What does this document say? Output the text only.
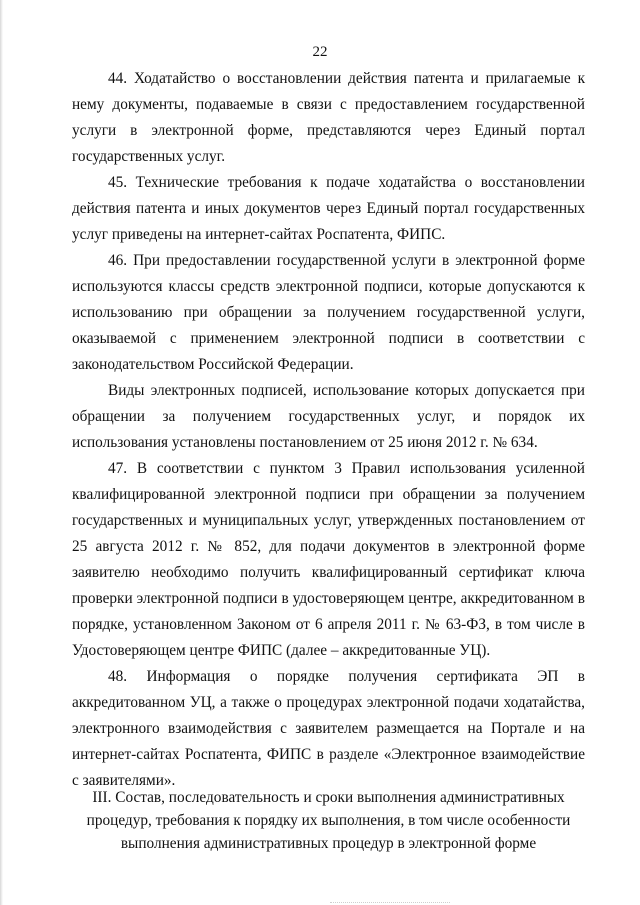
22

44. Ходатайство о восстановлении действия патента и прилагаемые к нему документы, подаваемые в связи с предоставлением государственной услуги в электронной форме, представляются через Единый портал государственных услуг.

45. Технические требования к подаче ходатайства о восстановлении действия патента и иных документов через Единый портал государственных услуг приведены на интернет-сайтах Роспатента, ФИПС.

46. При предоставлении государственной услуги в электронной форме используются классы средств электронной подписи, которые допускаются к использованию при обращении за получением государственной услуги, оказываемой с применением электронной подписи в соответствии с законодательством Российской Федерации.

Виды электронных подписей, использование которых допускается при обращении за получением государственных услуг, и порядок их использования установлены постановлением от 25 июня 2012 г. № 634.

47. В соответствии с пунктом 3 Правил использования усиленной квалифицированной электронной подписи при обращении за получением государственных и муниципальных услуг, утвержденных постановлением от 25 августа 2012 г. № 852, для подачи документов в электронной форме заявителю необходимо получить квалифицированный сертификат ключа проверки электронной подписи в удостоверяющем центре, аккредитованном в порядке, установленном Законом от 6 апреля 2011 г. № 63-ФЗ, в том числе в Удостоверяющем центре ФИПС (далее – аккредитованные УЦ).

48. Информация о порядке получения сертификата ЭП в аккредитованном УЦ, а также о процедурах электронной подачи ходатайства, электронного взаимодействия с заявителем размещается на Портале и на интернет-сайтах Роспатента, ФИПС в разделе «Электронное взаимодействие с заявителями».

III. Состав, последовательность и сроки выполнения административных
процедур, требования к порядку их выполнения, в том числе особенности
выполнения административных процедур в электронной форме
